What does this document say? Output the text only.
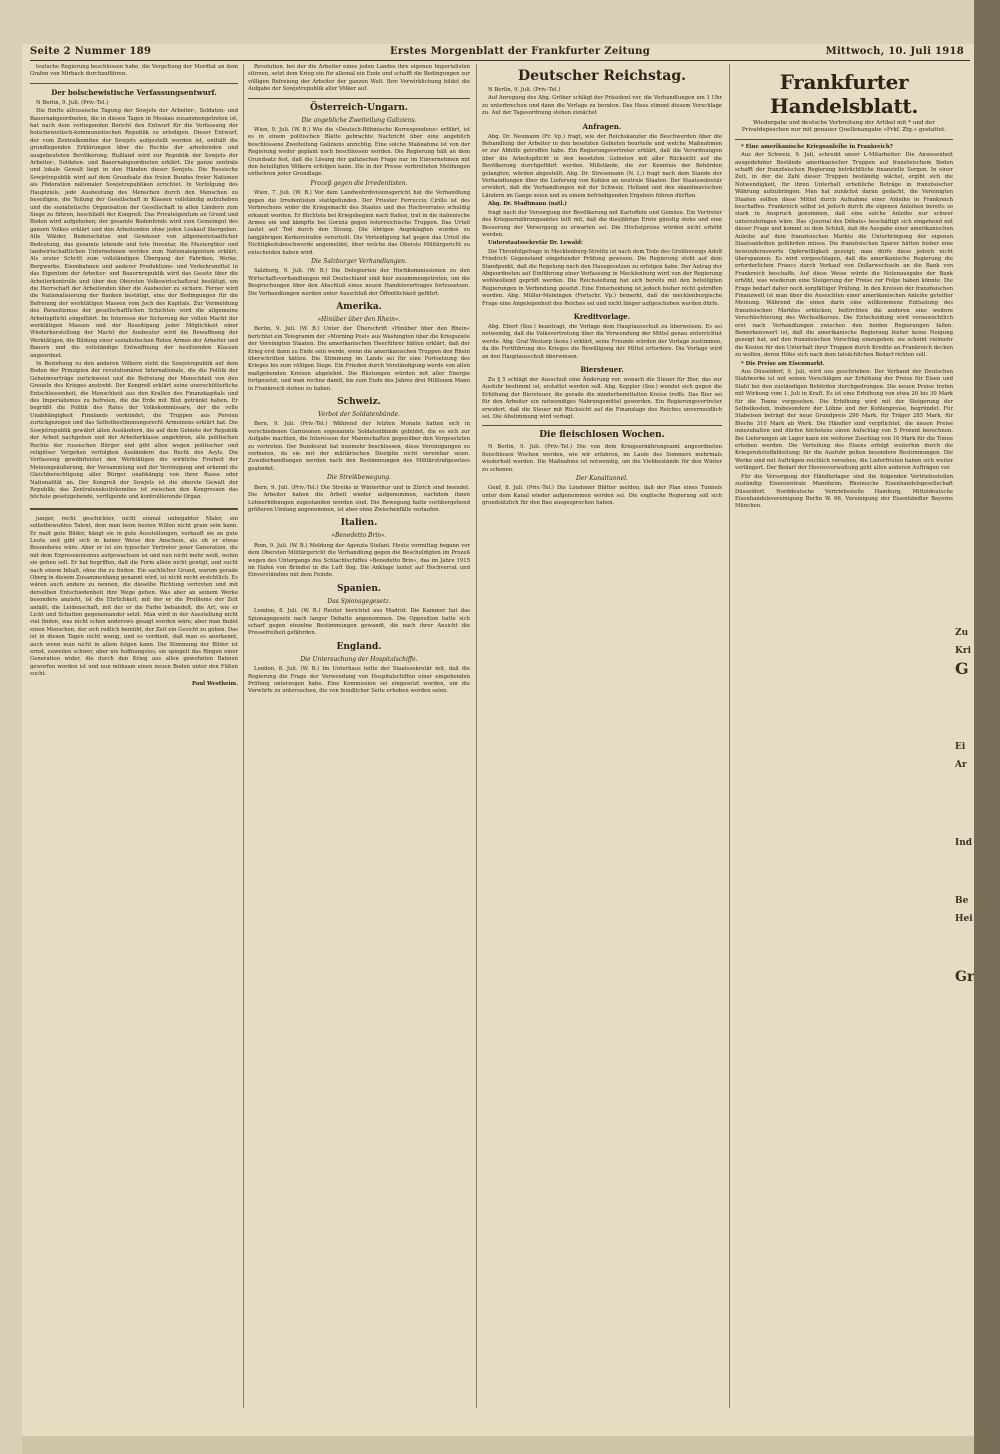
Seite 2 Nummer 189	Erstes Morgenblatt der Frankfurter Zeitung	Mittwoch, 10. Juli 1918
teutsche Regierung beschlossen habe, die Vergeltung der Mordtat an dem Grafen von Mirbach durchzuführen.
Der bolschewistische Verfassungsentwurf.
N Berlin, 9. Juli. (Priv.-Tel.)
Die fünfte allrussische Tagung der Sowjets der Arbeiter-, Soldaten- und Bauernabgeordneten, die in diesen Tagen in Moskau zusammengetreten ist, hat nach dem vorliegenden Bericht den Entwurf für die Verfassung der bolschewistisch-kommunistischen Republik zu erledigen. Dieser Entwurf, der vom Zentralkomitee der Sowjets aufgestellt worden ist, enthält die grundlegenden Erklärungen über die Rechte der arbeitenden und ausgebeuteten Bevölkerung. Rußland wird zur Republik der Sowjets der Arbeiter-, Soldaten- und Bauernabgeordneten erklärt. Die ganze zentrale und lokale Gewalt liegt in den Händen dieser Sowjets. Die Russische Sowjetrepublik wird auf dem Grundsatz des freien Bundes freier Nationen als Föderation nationaler Sowjetrepubliken errichtet. In Verfolgung des Hauptziels, jede Ausbeutung des Menschen durch den Menschen zu beseitigen, die Teilung der Gesellschaft in Klassen vollständig aufzuheben und die sozialistische Organisation der Gesellschaft in allen Ländern zum Siege zu führen, beschließt der Kongreß: Das Privateigentum an Grund und Boden wird aufgehoben; der gesamte Bodenfonds wird zum Gemeingut des ganzen Volkes erklärt und den Arbeitenden ohne jeden Loskauf übergeben. Alle Wälder, Bodenschätze und Gewässer von allgemeinstaatlicher Bedeutung, das gesamte lebende und tote Inventar, die Mustergüter und landwirtschaftlichen Unternehmen werden zum Nationaleigentum erklärt. Als erster Schritt zum vollständigen Übergang der Fabriken, Werke, Bergwerke, Eisenbahnen und anderer Produktions- und Verkehrsmittel in das Eigentum der Arbeiter- und Bauernrepublik wird das Gesetz über die Arbeiterkontrolle und über den Obersten Volkswirtschaftsrat bestätigt, um die Herrschaft der Arbeitenden über die Ausbeuter zu sichern. Ferner wird die Nationalisierung der Banken bestätigt, eine der Bedingungen für die Befreiung der werktätigen Massen vom Joch des Kapitals. Zur Vermeidung des Parasitismus der gesellschaftlichen Schichten wird die allgemeine Arbeitspflicht eingeführt. Im Interesse der Sicherung der vollen Macht der werktätigen Massen und der Beseitigung jeder Möglichkeit einer Wiederherstellung der Macht der Ausbeuter wird die Bewaffnung der Werktätigen, die Bildung einer sozialistischen Roten Armee der Arbeiter und Bauern und die vollständige Entwaffnung der besitzenden Klassen angeordnet.
In Beziehung zu den anderen Völkern steht die Sowjetrepublik auf dem Boden der Prinzipien der revolutionären Internationale, die die Politik der Geheimverträge zurückweist und die Befreiung der Menschheit von den Greueln des Krieges anstrebt. Der Kongreß erklärt seine unerschütterliche Entschlossenheit, die Menschheit aus den Krallen des Finanzkapitals und des Imperialismus zu befreien, die die Erde mit Blut getränkt haben. Er begrüßt die Politik des Rates der Volkskommissare, der die volle Unabhängigkeit Finnlands verkündet, die Truppen aus Persien zurückgezogen und das Selbstbestimmungsrecht Armeniens erklärt hat. Die Sowjetrepublik gewährt allen Ausländern, die auf dem Gebiete der Republik der Arbeit nachgehen und der Arbeiterklasse angehören, alle politischen Rechte der russischen Bürger und gibt allen wegen politischer und religiöser Vergehen verfolgten Ausländern das Recht des Asyls. Die Verfassung gewährleistet den Werktätigen die wirkliche Freiheit der Meinungsäußerung, der Versammlung und der Vereinigung und erkennt die Gleichberechtigung aller Bürger unabhängig von ihrer Rasse oder Nationalität an. Der Kongreß der Sowjets ist die oberste Gewalt der Republik; das Zentralexekutivkomitee ist zwischen den Kongressen das höchste gesetzgebende, verfügende und kontrollierende Organ.
junger, recht geschickter, nicht einmal unbegabter Maler, ein selbstbewußtes Talent, dem man beim besten Willen nicht gram sein kann. Er malt gute Bilder, hängt sie in gute Ausstellungen, verkauft sie an gute Leute und gibt sich in keiner Weise den Anschein, als ob er etwas Besonderes wäre. Aber er ist ein typischer Vertreter jener Generation, die mit dem Expressionismus aufgewachsen ist und nun nicht mehr weiß, wohin sie gehen soll. Er hat begriffen, daß die Form allein nicht genügt, und sucht nach einem Inhalt, ohne ihn zu finden. Ein sachlicher Grund, warum gerade Oberg in diesem Zusammenhang genannt wird, ist nicht recht ersichtlich. Es wären auch andere zu nennen, die dieselbe Richtung vertreten und mit derselben Entschiedenheit ihre Wege gehen. Was aber an seinem Werke besonders anzieht, ist die Ehrlichkeit, mit der er die Probleme der Zeit anfaßt, die Leidenschaft, mit der er die Farbe behandelt, die Art, wie er Licht und Schatten gegeneinander setzt. Man wird in der Ausstellung nicht viel finden, was nicht schon anderswo gesagt worden wäre; aber man findet einen Menschen, der sich redlich bemüht, der Zeit ein Gesicht zu geben. Das ist in diesen Tagen nicht wenig, und es verdient, daß man es anerkennt, auch wenn man nicht in allem folgen kann. Die Stimmung der Bilder ist ernst, zuweilen schwer, aber nie hoffnungslos; sie spiegelt das Ringen einer Generation wider, die durch den Krieg aus allen gewohnten Bahnen geworfen worden ist und nun mühsam einen neuen Boden unter den Füßen sucht.
Paul Westheim.
Revolution, bei der die Arbeiter eines jeden Landes ihre eigenen Imperialisten stürzen, setzt dem Krieg ein für allemal ein Ende und schafft die Bedingungen zur völligen Befreiung der Arbeiter der ganzen Welt. Ihre Verwirklichung bildet die Aufgabe der Sowjetrepublik aller Völker auf.
Österreich-Ungarn.
Die angebliche Zweiteilung Galiziens.
Wien, 9. Juli. (W. B.) Wie die »Deutsch-Böhmische Korrespondenz« erfährt, ist es in einem politischen Blatte gebrachte Nachricht über eine angeblich beschlossene Zweiteilung Galiziens unrichtig. Eine solche Maßnahme ist von der Regierung weder geplant noch beschlossen worden. Die Regierung hält an dem Grundsatz fest, daß die Lösung der galizischen Frage nur im Einvernehmen mit den beteiligten Völkern erfolgen kann. Die in der Presse verbreiteten Meldungen entbehren jeder Grundlage.
Prozeß gegen die Irredentisten.
Wien, 7. Juli. (W. B.) Vor dem Landwehrdivisionsgericht hat die Verhandlung gegen die Irredentisten stattgefunden. Der Priester Ferruccio Cirillo ist des Verbrechens wider die Kriegsmacht des Staates und des Hochverrates schuldig erkannt worden. Er flüchtete bei Kriegsbeginn nach Italien, trat in die italienische Armee ein und kämpfte bei Gorizia gegen österreichische Truppen. Das Urteil lautet auf Tod durch den Strang. Die übrigen Angeklagten wurden zu langjährigen Kerkerstrafen verurteilt. Die Verteidigung hat gegen das Urteil die Nichtigkeitsbeschwerde angemeldet, über welche das Oberste Militärgericht zu entscheiden haben wird.
Die Salzburger Verhandlungen.
Salzburg, 9. Juli. (W. B.) Die Delegierten der Hochkommissionen zu den Wirtschaftsverhandlungen mit Deutschland sind hier zusammengetreten, um die Besprechungen über den Abschluß eines neuen Handelsvertrages fortzusetzen. Die Verhandlungen werden unter Ausschluß der Öffentlichkeit geführt.
Amerika.
»Hinüber über den Rhein«.
Berlin, 9. Juli. (W. B.) Unter der Überschrift »Hinüber über den Rhein« berichtet ein Telegramm der »Morning Post« aus Washington über die Kriegsziele der Vereinigten Staaten. Die amerikanischen Heerführer hätten erklärt, daß der Krieg erst dann zu Ende sein werde, wenn die amerikanischen Truppen den Rhein überschritten hätten. Die Stimmung im Lande sei für eine Fortsetzung des Krieges bis zum völligen Siege. Ein Frieden durch Verständigung werde von allen maßgebenden Kreisen abgelehnt. Die Rüstungen würden mit aller Energie fortgesetzt, und man rechne damit, bis zum Ende des Jahres drei Millionen Mann in Frankreich stehen zu haben.
Schweiz.
Verbot der Soldatenbünde.
Bern, 9. Juli. (Priv.-Tel.) Während der letzten Monate hatten sich in verschiedenen Garnisonen sogenannte Soldatenbünde gebildet, die es sich zur Aufgabe machten, die Interessen der Mannschaften gegenüber den Vorgesetzten zu vertreten. Der Bundesrat hat nunmehr beschlossen, diese Vereinigungen zu verbieten, da sie mit der militärischen Disziplin nicht vereinbar seien. Zuwiderhandlungen werden nach den Bestimmungen des Militärstrafgesetzes geahndet.
Die Streikbewegung.
Bern, 9. Juli. (Priv.-Tel.) Die Streiks in Winterthur und in Zürich sind beendet. Die Arbeiter haben die Arbeit wieder aufgenommen, nachdem ihnen Lohnerhöhungen zugestanden worden sind. Die Bewegung hatte vorübergehend größeren Umfang angenommen, ist aber ohne Zwischenfälle verlaufen.
Italien.
»Benedetto Brin«.
Rom, 9. Juli. (W. B.) Meldung der Agenzia Stefani. Heute vormittag begann vor dem Obersten Militärgericht die Verhandlung gegen die Beschuldigten im Prozeß wegen des Untergangs des Schlachtschiffes »Benedetto Brin«, das im Jahre 1915 im Hafen von Brindisi in die Luft flog. Die Anklage lautet auf Hochverrat und Einverständnis mit dem Feinde.
Spanien.
Das Spionagegesetz.
London, 8. Juli. (W. B.) Reuter berichtet aus Madrid: Die Kammer hat das Spionagegesetz nach langer Debatte angenommen. Die Opposition hatte sich scharf gegen einzelne Bestimmungen gewandt, die nach ihrer Ansicht die Pressefreiheit gefährden.
England.
Die Untersuchung der Hospitalschiffe.
London, 8. Juli. (W. B.) Im Unterhaus teilte der Staatssekretär mit, daß die Regierung die Frage der Verwendung von Hospitalschiffen einer eingehenden Prüfung unterzogen habe. Eine Kommission sei eingesetzt worden, um die Vorwürfe zu untersuchen, die von feindlicher Seite erhoben worden seien.
Deutscher Reichstag.
N Berlin, 9. Juli. (Priv.-Tel.)
Auf Anregung des Abg. Gröber schlägt der Präsident vor, die Verhandlungen um 1 Uhr zu unterbrechen und dann die Vorlage zu beraten. Das Haus stimmt diesem Vorschlage zu. Auf der Tagesordnung stehen zunächst
Anfragen.
Abg. Dr. Neumann (Fr. Vp.) fragt, wie der Reichskanzler die Beschwerden über die Behandlung der Arbeiter in den besetzten Gebieten beurteile und welche Maßnahmen er zur Abhilfe getroffen habe. Ein Regierungsvertreter erklärt, daß die Verordnungen über die Arbeitspflicht in den besetzten Gebieten mit aller Rücksicht auf die Bevölkerung durchgeführt werden. Mißstände, die zur Kenntnis der Behörden gelangten, würden abgestellt. Abg. Dr. Stresemann (N. L.) fragt nach dem Stande der Verhandlungen über die Lieferung von Kohlen an neutrale Staaten. Der Staatssekretär erwidert, daß die Verhandlungen mit der Schweiz, Holland und den skandinavischen Ländern im Gange seien und zu einem befriedigenden Ergebnis führen dürften.
Abg. Dr. Stadtmann (natl.)
fragt nach der Versorgung der Bevölkerung mit Kartoffeln und Gemüse. Ein Vertreter des Kriegsernährungsamtes teilt mit, daß die diesjährige Ernte günstig stehe und eine Besserung der Versorgung zu erwarten sei. Die Höchstpreise würden nicht erhöht werden.
Unterstaatssekretär Dr. Lewald:
Die Thronfolgefrage in Mecklenburg-Strelitz ist nach dem Tode des Großherzogs Adolf Friedrich Gegenstand eingehender Prüfung gewesen. Die Regierung steht auf dem Standpunkt, daß die Regelung nach den Hausgesetzen zu erfolgen habe. Der Antrag der Abgeordneten auf Einführung einer Verfassung in Mecklenburg wird von der Regierung wohlwollend geprüft werden. Die Reichsleitung hat sich bereits mit den beteiligten Regierungen in Verbindung gesetzt. Eine Entscheidung ist jedoch bisher nicht getroffen worden. Abg. Müller-Meiningen (Fortschr. Vp.) bemerkt, daß die mecklenburgische Frage eine Angelegenheit des Reiches sei und nicht länger aufgeschoben werden dürfe.
Kreditvorlage.
Abg. Ebert (Soz.) beantragt, die Vorlage dem Hauptausschuß zu überweisen. Es sei notwendig, daß die Volksvertretung über die Verwendung der Mittel genau unterrichtet werde. Abg. Graf Westarp (kons.) erklärt, seine Freunde würden der Vorlage zustimmen, da die Fortführung des Krieges die Bewilligung der Mittel erfordere. Die Vorlage wird an den Hauptausschuß überwiesen.
Biersteuer.
Zu § 5 schlägt der Ausschuß eine Änderung vor, wonach die Steuer für Bier, das zur Ausfuhr bestimmt ist, erstattet werden soll. Abg. Keppler (Soz.) wendet sich gegen die Erhöhung der Biersteuer, die gerade die minderbemittelten Kreise treffe. Das Bier sei für den Arbeiter ein notwendiges Nahrungsmittel geworden. Ein Regierungsvertreter erwidert, daß die Steuer mit Rücksicht auf die Finanzlage des Reiches unvermeidlich sei. Die Abstimmung wird vertagt.
Die fleischlosen Wochen.
N Berlin, 9. Juli. (Priv.-Tel.) Die von dem Kriegsernährungsamt angeordneten fleischlosen Wochen werden, wie wir erfahren, im Laufe des Sommers mehrmals wiederholt werden. Die Maßnahme ist notwendig, um die Viehbestände für den Winter zu schonen.
Der Kanaltunnel.
Genf, 8. Juli. (Priv.-Tel.) Die Londoner Blätter melden, daß der Plan eines Tunnels unter dem Kanal wieder aufgenommen worden sei. Die englische Regierung soll sich grundsätzlich für den Bau ausgesprochen haben.
Frankfurter Handelsblatt.
Wiedergabe und deutsche Verbreitung der Artikel mit * und der Privatdepeschen nur mit genauer Quellenangabe »Frkf. Ztg.« gestattet.
* Eine amerikanische Kriegsanleihe in Frankreich?
Aus der Schweiz, 9. Juli, schreibt unser L-Mitarbeiter: Die Anwesenheit ausgedehnter Bestände amerikanischer Truppen auf französischem Boden schafft der französischen Regierung beträchtliche finanzielle Sorgen. In einer Zeit, in der die Zahl dieser Truppen beständig wächst, ergibt sich die Notwendigkeit, für ihren Unterhalt erhebliche Beträge in französischer Währung aufzubringen. Man hat zunächst daran gedacht, die Vereinigten Staaten sollten diese Mittel durch Aufnahme einer Anleihe in Frankreich beschaffen. Frankreich selbst ist jedoch durch die eigenen Anleihen bereits so stark in Anspruch genommen, daß eine solche Anleihe nur schwer unterzubringen wäre. Das »Journal des Débats« beschäftigt sich eingehend mit dieser Frage und kommt zu dem Schluß, daß die Ausgabe einer amerikanischen Anleihe auf dem französischen Markte die Unterbringung der eigenen Staatsanleihen gefährden müsse. Die französischen Sparer hätten bisher eine bewundernswerte Opferwilligkeit gezeigt; man dürfe diese jedoch nicht überspannen. Es wird vorgeschlagen, daß die amerikanische Regierung die erforderlichen Francs durch Verkauf von Dollarwechseln an die Bank von Frankreich beschaffe. Auf diese Weise würde die Notenausgabe der Bank erhöht, was wiederum eine Steigerung der Preise zur Folge haben könnte. Die Frage bedarf daher noch sorgfältiger Prüfung. In den Kreisen der französischen Finanzwelt ist man über die Aussichten einer amerikanischen Anleihe geteilter Meinung. Während die einen darin eine willkommene Entlastung des französischen Marktes erblicken, befürchten die anderen eine weitere Verschlechterung des Wechselkurses. Die Entscheidung wird voraussichtlich erst nach Verhandlungen zwischen den beiden Regierungen fallen. Bemerkenswert ist, daß die amerikanische Regierung bisher keine Neigung gezeigt hat, auf den französischen Vorschlag einzugehen; sie scheint vielmehr die Kosten für den Unterhalt ihrer Truppen durch Kredite an Frankreich decken zu wollen, deren Höhe sich nach dem tatsächlichen Bedarf richten soll.
* Die Preise am Eisenmarkt.
Aus Düsseldorf, 9. Juli, wird uns geschrieben: Der Verband der Deutschen Stahlwerke ist mit seinen Vorschlägen zur Erhöhung der Preise für Eisen und Stahl bei den zuständigen Behörden durchgedrungen. Die neuen Preise treten mit Wirkung vom 1. Juli in Kraft. Es ist eine Erhöhung von etwa 20 bis 30 Mark für die Tonne vorgesehen. Die Erhöhung wird mit der Steigerung der Selbstkosten, insbesondere der Löhne und der Kohlenpreise, begründet. Für Stabeisen beträgt der neue Grundpreis 290 Mark, für Träger 285 Mark, für Bleche 310 Mark ab Werk. Die Händler sind verpflichtet, die neuen Preise innezuhalten und dürfen höchstens einen Aufschlag von 5 Prozent berechnen. Bei Lieferungen ab Lager kann ein weiterer Zuschlag von 10 Mark für die Tonne erhoben werden. Die Verteilung des Eisens erfolgt weiterhin durch die Kriegsrohstoffabteilung; für die Ausfuhr gelten besondere Bestimmungen. Die Werke sind mit Aufträgen reichlich versehen, die Lieferfristen haben sich weiter verlängert. Der Bedarf der Heeresverwaltung geht allen anderen Aufträgen vor.
Für die Versorgung der Händlerlager sind die folgenden Vertriebsstellen zuständig: Eisenzentrale Mannheim, Rheinische Eisenhandelsgesellschaft Düsseldorf, Norddeutsche Vertriebsstelle Hamburg, Mitteldeutsche Eisenhandelsvereinigung Berlin W. 66, Vereinigung der Eisenhändler Bayerns München.
Zu
Kri
G
Ei
Ar
Ind
Be
Hei
Gr
